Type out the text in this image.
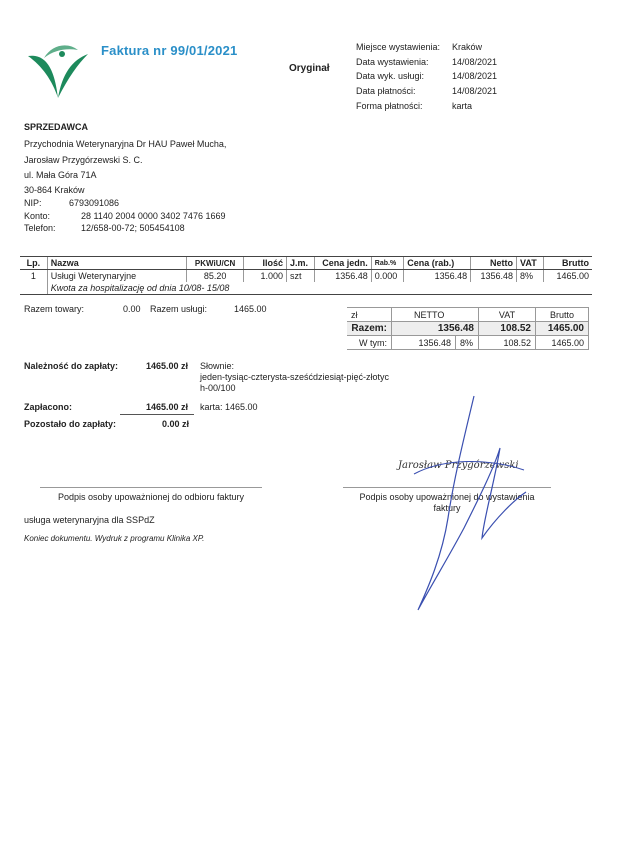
Faktura nr 99/01/2021
Oryginał
Miejsce wystawienia: Kraków
Data wystawienia:	14/08/2021
Data wyk. usługi:	14/08/2021
Data płatności:	14/08/2021
Forma płatności:	karta
SPRZEDAWCA
Przychodnia Weterynaryjna Dr HAU Paweł Mucha,
Jarosław Przygórzewski S. C.
ul. Mała Góra 71A
30-864 Kraków
NIP:	6793091086
Konto:	28 1140 2004 0000 3402 7476 1669
Telefon:	12/658-00-72; 505454108
Lp.	Nazwa	PKWiU/CN	Ilość	J.m.	Cena jedn.	Rab.%	Cena (rab.)	Netto	VAT	Brutto
1	Usługi Weterynaryjne	85.20	1.000	szt	1356.48	0.000	1356.48	1356.48	8%	1465.00
	Kwota za hospitalizację od dnia 10/08- 15/08									
Razem towary:	0.00 Razem usługi:	1465.00
zł	NETTO		VAT	Brutto
Razem:	1356.48		108.52	1465.00
W tym:	1356.48	8%	108.52	1465.00
Należność do zapłaty:	1465.00 zł Słownie:
jeden-tysiąc-czterysta-sześćdziesiąt-pięć-złotyc
h-00/100
Zapłacono:	1465.00 zł karta: 1465.00
Pozostało do zapłaty:	0.00 zł
Podpis osoby upoważnionej do odbioru faktury	Podpis osoby upoważnionej do wystawienia
faktury
Jarosław Przygórzewski
usługa weterynaryjna dla SSPdZ
Koniec dokumentu. Wydruk z programu Klinika XP.
